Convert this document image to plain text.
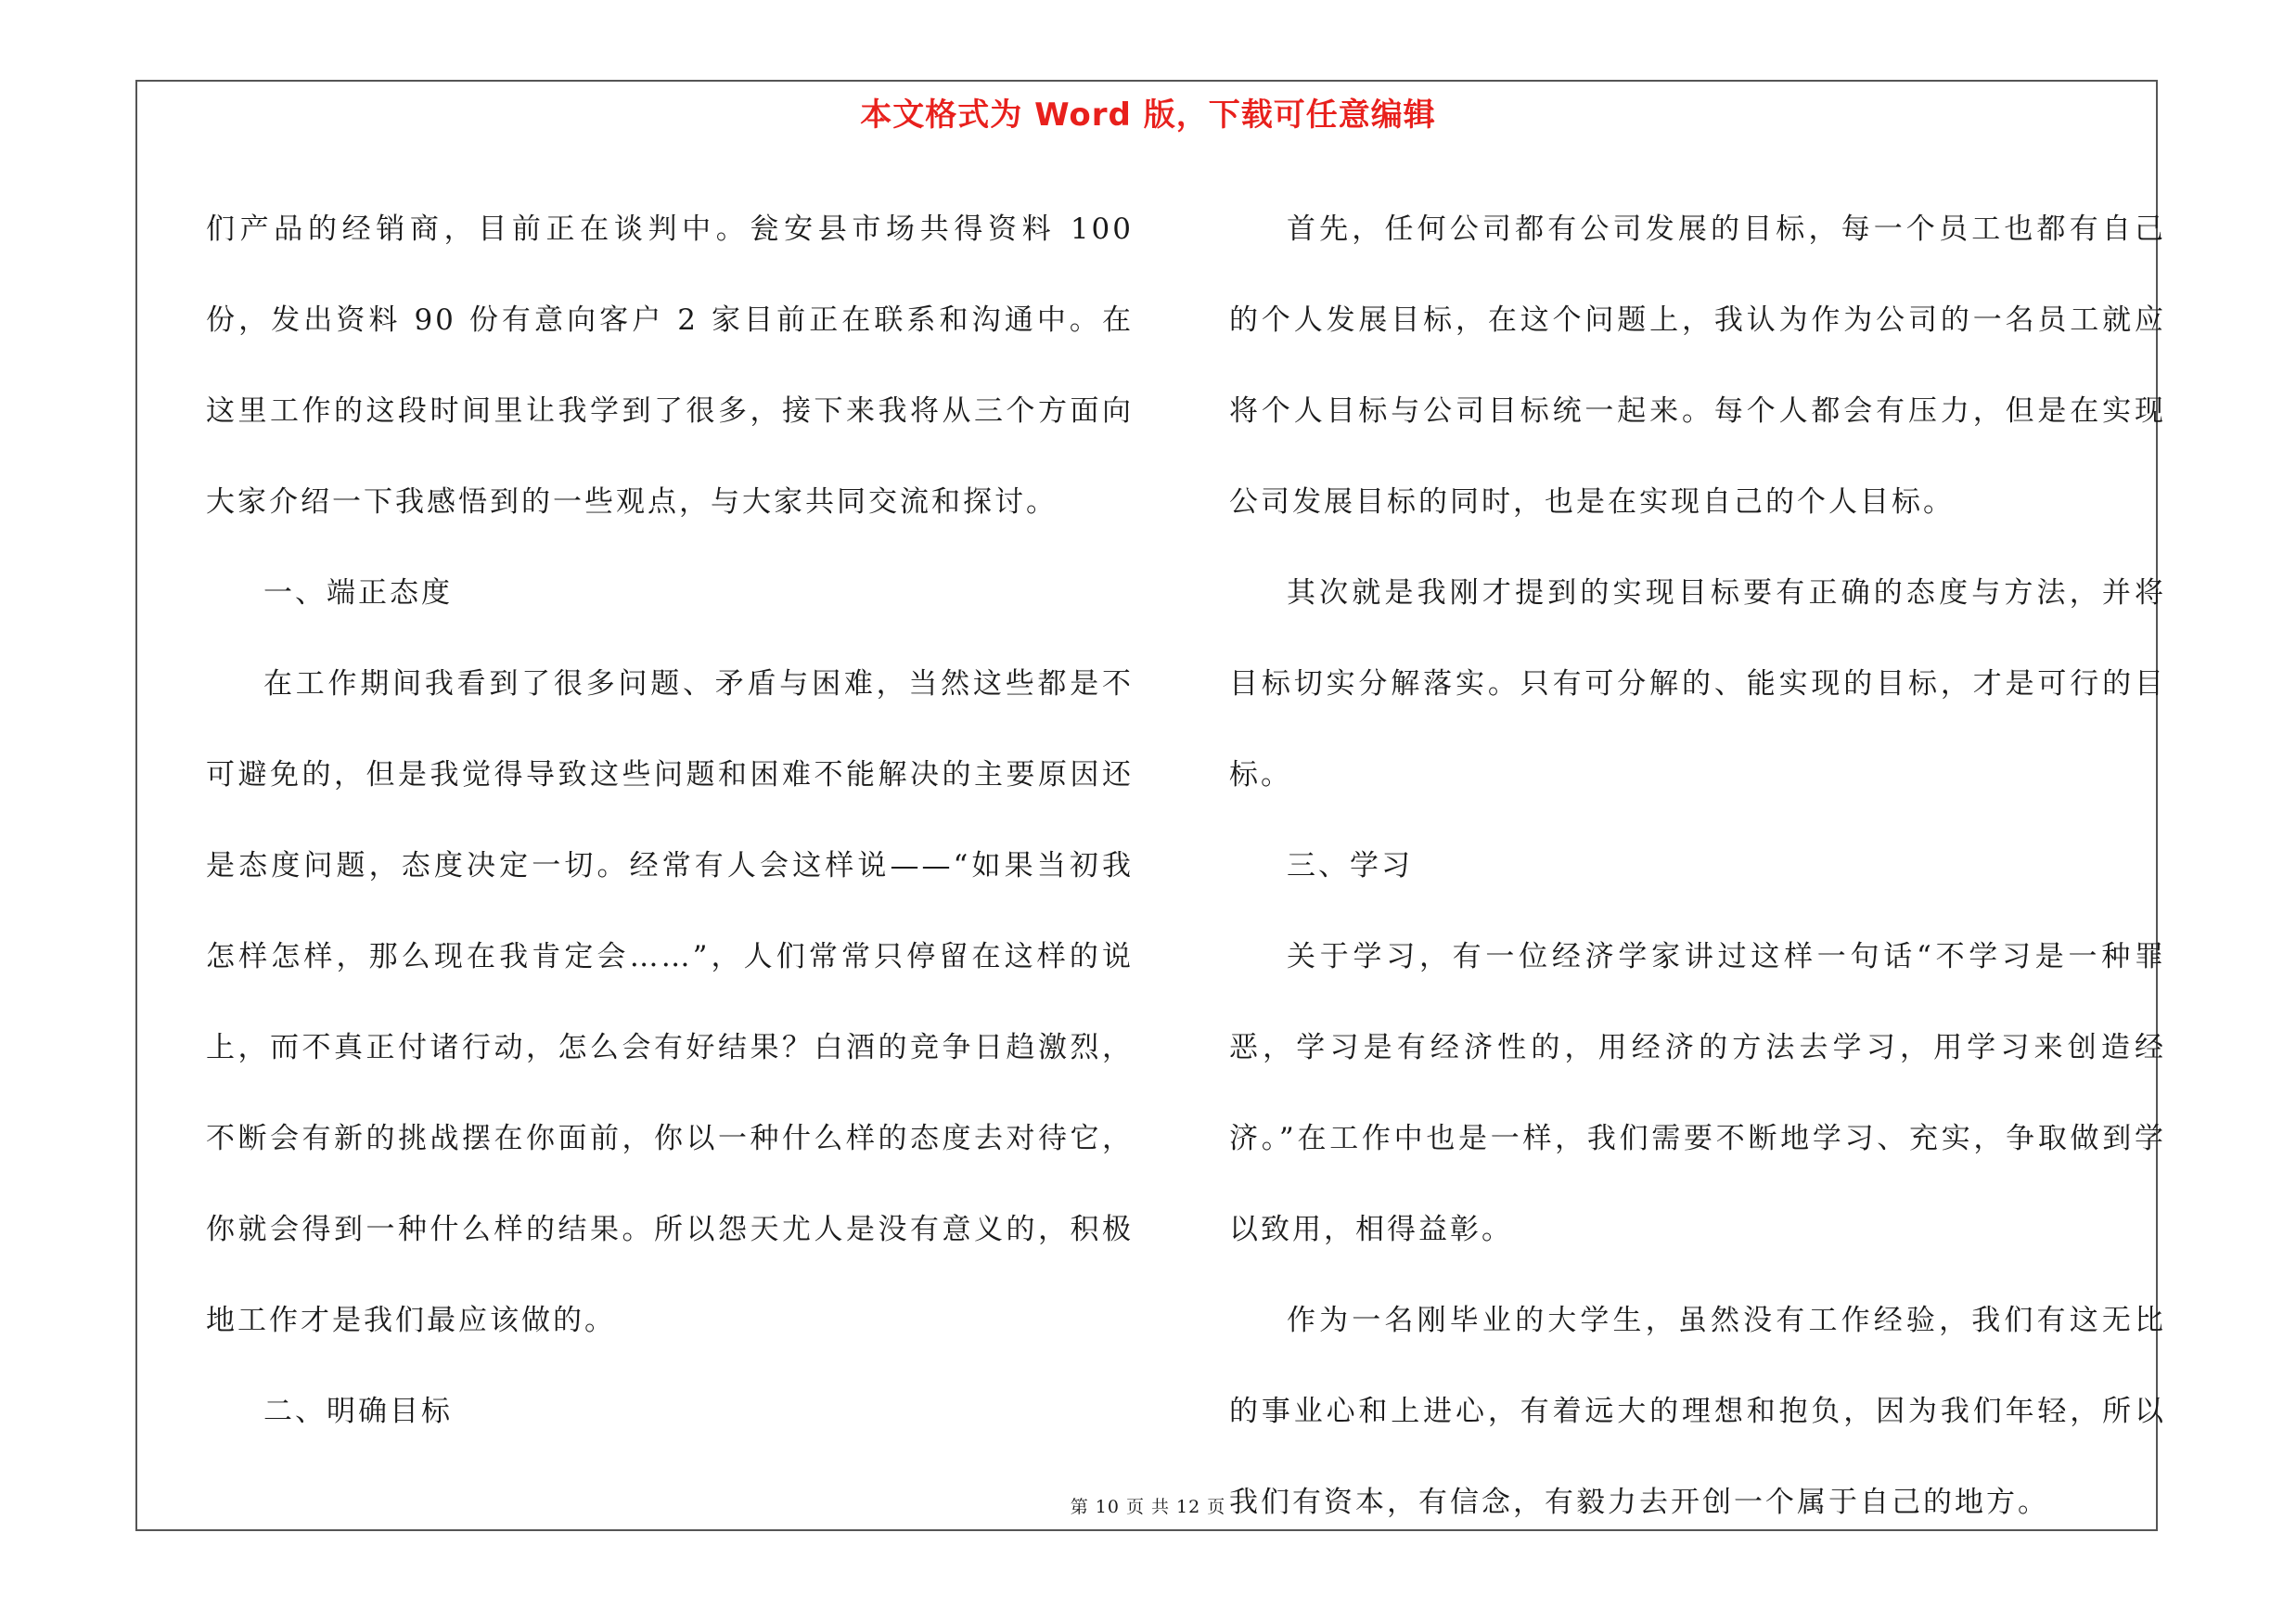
本文格式为 Word 版，下载可任意编辑

们产品的经销商，目前正在谈判中。瓮安县市场共得资料 100 份，发出资料 90 份有意向客户 2 家目前正在联系和沟通中。在这里工作的这段时间里让我学到了很多，接下来我将从三个方面向大家介绍一下我感悟到的一些观点，与大家共同交流和探讨。

一、端正态度

在工作期间我看到了很多问题、矛盾与困难，当然这些都是不可避免的，但是我觉得导致这些问题和困难不能解决的主要原因还是态度问题，态度决定一切。经常有人会这样说——“如果当初我怎样怎样，那么现在我肯定会……”，人们常常只停留在这样的说上，而不真正付诸行动，怎么会有好结果？白酒的竞争日趋激烈，不断会有新的挑战摆在你面前，你以一种什么样的态度去对待它，你就会得到一种什么样的结果。所以怨天尤人是没有意义的，积极地工作才是我们最应该做的。

二、明确目标

首先，任何公司都有公司发展的目标，每一个员工也都有自己的个人发展目标，在这个问题上，我认为作为公司的一名员工就应将个人目标与公司目标统一起来。每个人都会有压力，但是在实现公司发展目标的同时，也是在实现自己的个人目标。

其次就是我刚才提到的实现目标要有正确的态度与方法，并将目标切实分解落实。只有可分解的、能实现的目标，才是可行的目标。

三、学习

关于学习，有一位经济学家讲过这样一句话“不学习是一种罪恶，学习是有经济性的，用经济的方法去学习，用学习来创造经济。”在工作中也是一样，我们需要不断地学习、充实，争取做到学以致用，相得益彰。

作为一名刚毕业的大学生，虽然没有工作经验，我们有这无比的事业心和上进心，有着远大的理想和抱负，因为我们年轻，所以我们有资本，有信念，有毅力去开创一个属于自己的地方。

第 10 页 共 12 页
